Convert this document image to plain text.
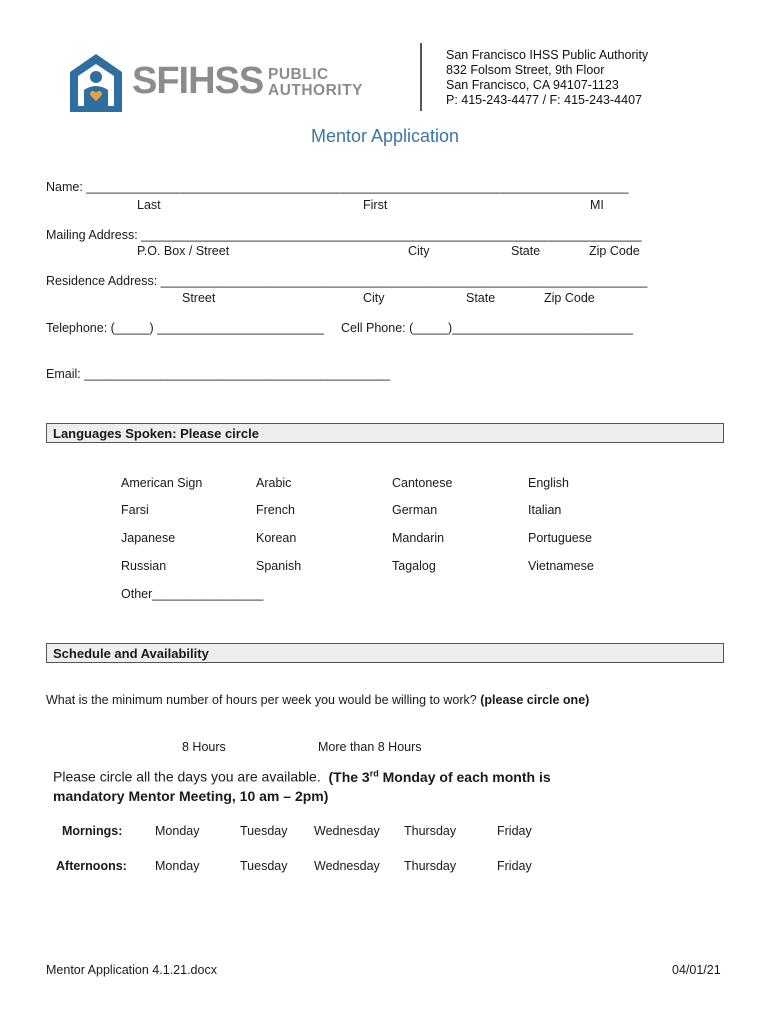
SFIHSS PUBLIC
AUTHORITY
San Francisco IHSS Public Authority
832 Folsom Street, 9th Floor
San Francisco, CA 94107-1123
P: 415-243-4477 / F: 415-243-4407
Mentor Application
Name: ______________________________________________________________________________
Last	First	MI
Mailing Address: ________________________________________________________________________
P.O. Box / Street	City	State	Zip Code
Residence Address: ______________________________________________________________________
Street	City	State	Zip Code
Telephone: (_____) ________________________ Cell Phone: (_____)__________________________
Email: ____________________________________________
Languages Spoken: Please circle
American Sign	Arabic	Cantonese	English
Farsi	French	German	Italian
Japanese	Korean	Mandarin	Portuguese
Russian	Spanish	Tagalog	Vietnamese
Other________________
Schedule and Availability
What is the minimum number of hours per week you would be willing to work? (please circle one)
8 Hours	More than 8 Hours
Please circle all the days you are available. (The 3rd Monday of each month is
mandatory Mentor Meeting, 10 am – 2pm)
Mornings:	Monday	Tuesday Wednesday Thursday	Friday
Afternoons: Monday	Tuesday Wednesday Thursday	Friday
Mentor Application 4.1.21.docx	04/01/21
